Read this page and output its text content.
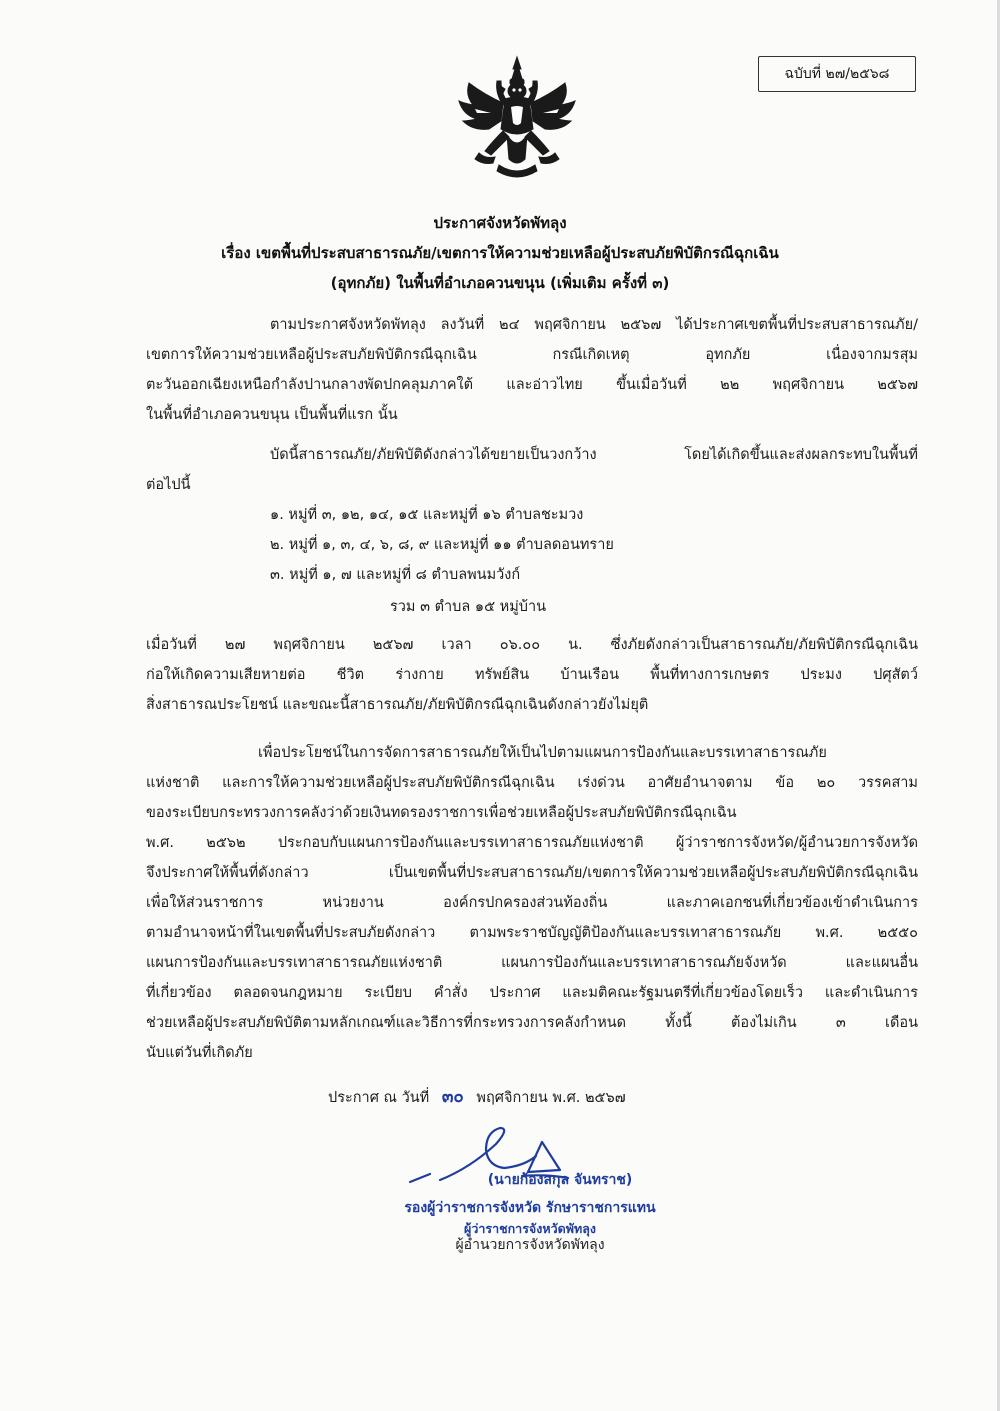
ฉบับที่ ๒๗/๒๕๖๘
ประกาศจังหวัดพัทลุง
เรื่อง เขตพื้นที่ประสบสาธารณภัย/เขตการให้ความช่วยเหลือผู้ประสบภัยพิบัติกรณีฉุกเฉิน
(อุทกภัย) ในพื้นที่อำเภอควนขนุน (เพิ่มเติม ครั้งที่ ๓)
ตามประกาศจังหวัดพัทลุง ลงวันที่ ๒๔ พฤศจิกายน ๒๕๖๗ ได้ประกาศเขตพื้นที่ประสบสาธารณภัย/
เขตการให้ความช่วยเหลือผู้ประสบภัยพิบัติกรณีฉุกเฉิน กรณีเกิดเหตุ อุทกภัย เนื่องจากมรสุม
ตะวันออกเฉียงเหนือกำลังปานกลางพัดปกคลุมภาคใต้ และอ่าวไทย ขึ้นเมื่อวันที่ ๒๒ พฤศจิกายน ๒๕๖๗
ในพื้นที่อำเภอควนขนุน เป็นพื้นที่แรก นั้น
บัดนี้สาธารณภัย/ภัยพิบัติดังกล่าวได้ขยายเป็นวงกว้าง โดยได้เกิดขึ้นและส่งผลกระทบในพื้นที่
ต่อไปนี้
๑. หมู่ที่ ๓, ๑๒, ๑๔, ๑๕ และหมู่ที่ ๑๖ ตำบลชะมวง
๒. หมู่ที่ ๑, ๓, ๔, ๖, ๘, ๙ และหมู่ที่ ๑๑ ตำบลดอนทราย
๓. หมู่ที่ ๑, ๗ และหมู่ที่ ๘ ตำบลพนมวังก์
รวม ๓ ตำบล ๑๕ หมู่บ้าน
เมื่อวันที่ ๒๗ พฤศจิกายน ๒๕๖๗ เวลา ๐๖.๐๐ น. ซึ่งภัยดังกล่าวเป็นสาธารณภัย/ภัยพิบัติกรณีฉุกเฉิน
ก่อให้เกิดความเสียหายต่อ ชีวิต ร่างกาย ทรัพย์สิน บ้านเรือน พื้นที่ทางการเกษตร ประมง ปศุสัตว์
สิ่งสาธารณประโยชน์ และขณะนี้สาธารณภัย/ภัยพิบัติกรณีฉุกเฉินดังกล่าวยังไม่ยุติ
เพื่อประโยชน์ในการจัดการสาธารณภัยให้เป็นไปตามแผนการป้องกันและบรรเทาสาธารณภัย
แห่งชาติ และการให้ความช่วยเหลือผู้ประสบภัยพิบัติกรณีฉุกเฉิน เร่งด่วน อาศัยอำนาจตาม ข้อ ๒๐ วรรคสาม
ของระเบียบกระทรวงการคลังว่าด้วยเงินทดรองราชการเพื่อช่วยเหลือผู้ประสบภัยพิบัติกรณีฉุกเฉิน
พ.ศ. ๒๕๖๒ ประกอบกับแผนการป้องกันและบรรเทาสาธารณภัยแห่งชาติ ผู้ว่าราชการจังหวัด/ผู้อำนวยการจังหวัด
จึงประกาศให้พื้นที่ดังกล่าว เป็นเขตพื้นที่ประสบสาธารณภัย/เขตการให้ความช่วยเหลือผู้ประสบภัยพิบัติกรณีฉุกเฉิน
เพื่อให้ส่วนราชการ หน่วยงาน องค์กรปกครองส่วนท้องถิ่น และภาคเอกชนที่เกี่ยวข้องเข้าดำเนินการ
ตามอำนาจหน้าที่ในเขตพื้นที่ประสบภัยดังกล่าว ตามพระราชบัญญัติป้องกันและบรรเทาสาธารณภัย พ.ศ. ๒๕๕๐
แผนการป้องกันและบรรเทาสาธารณภัยแห่งชาติ แผนการป้องกันและบรรเทาสาธารณภัยจังหวัด และแผนอื่น
ที่เกี่ยวข้อง ตลอดจนกฎหมาย ระเบียบ คำสั่ง ประกาศ และมติคณะรัฐมนตรีที่เกี่ยวข้องโดยเร็ว และดำเนินการ
ช่วยเหลือผู้ประสบภัยพิบัติตามหลักเกณฑ์และวิธีการที่กระทรวงการคลังกำหนด ทั้งนี้ ต้องไม่เกิน ๓ เดือน
นับแต่วันที่เกิดภัย
ประกาศ ณ วันที่ ๓๐ พฤศจิกายน พ.ศ. ๒๕๖๗
(นายก้องสกุล จันทราช)
รองผู้ว่าราชการจังหวัด รักษาราชการแทน
ผู้ว่าราชการจังหวัดพัทลุง
ผู้อำนวยการจังหวัดพัทลุง
